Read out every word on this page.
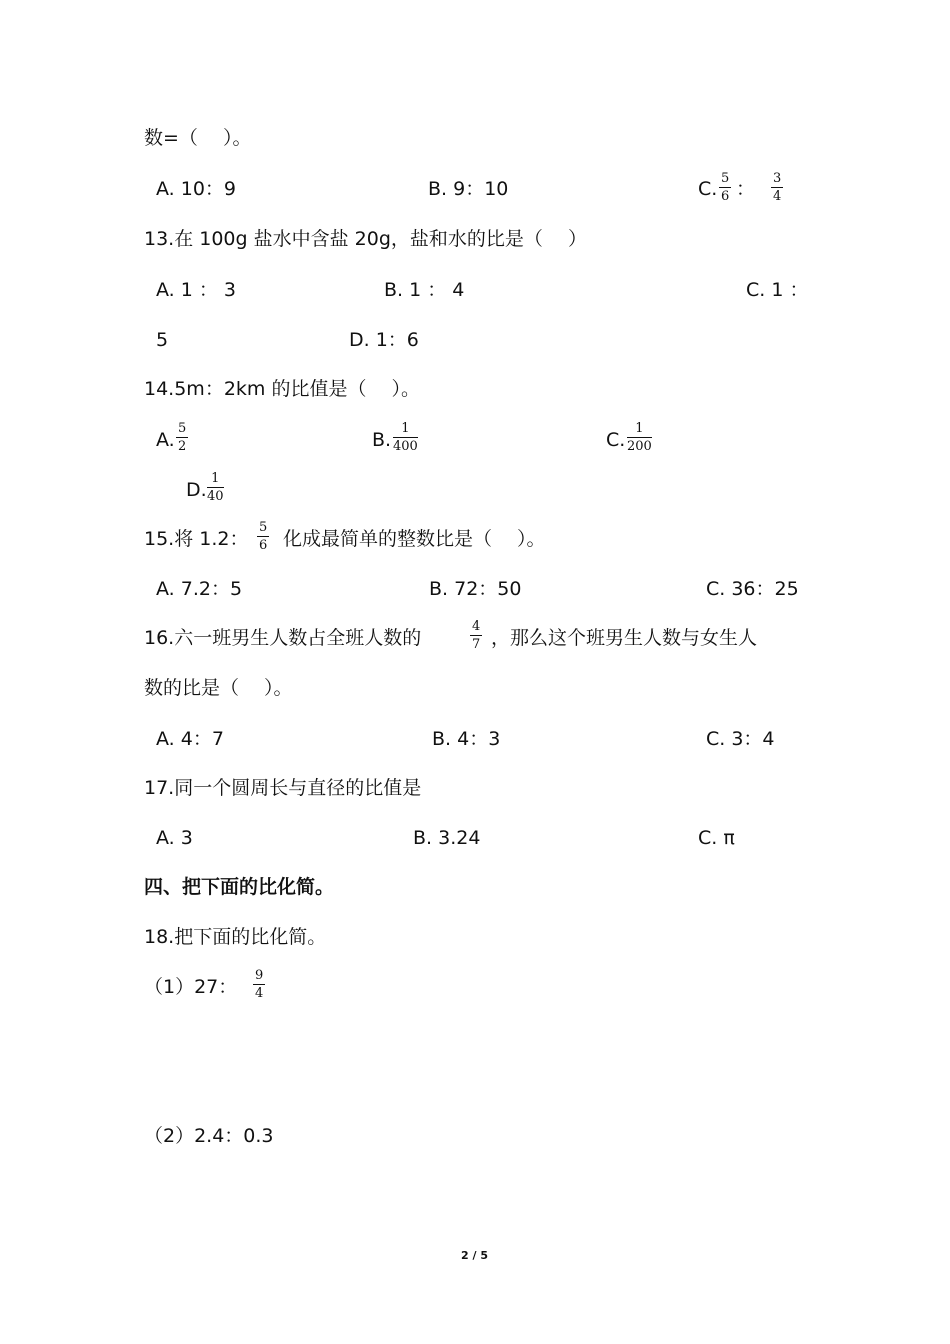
数=（　 ）。
A. 10：9	B. 9：10	C. 5
6 ： 3
4
13.在 100g 盐水中含盐 20g，盐和水的比是（　 ）
A. 1 ： 3	B. 1 ： 4	C. 1 ：
5	D. 1：6
14.5m：2km 的比值是（　 ）。
A.
5
2	B.
1
400	C.
1
200
D.
1
40
15.将 1.2：
5
6 化成最简单的整数比是（　 ）。
A. 7.2：5	B. 72：50	C. 36：25
16.六一班男生人数占全班人数的
4
7 ，那么这个班男生人数与女生人
数的比是（　 ）。
A. 4：7	B. 4：3	C. 3：4
17.同一个圆周长与直径的比值是
A. 3	B. 3.24	C. π
四、把下面的比化简。
18.把下面的比化简。
（1）27：
9
4
（2）2.4：0.3
2 / 5
